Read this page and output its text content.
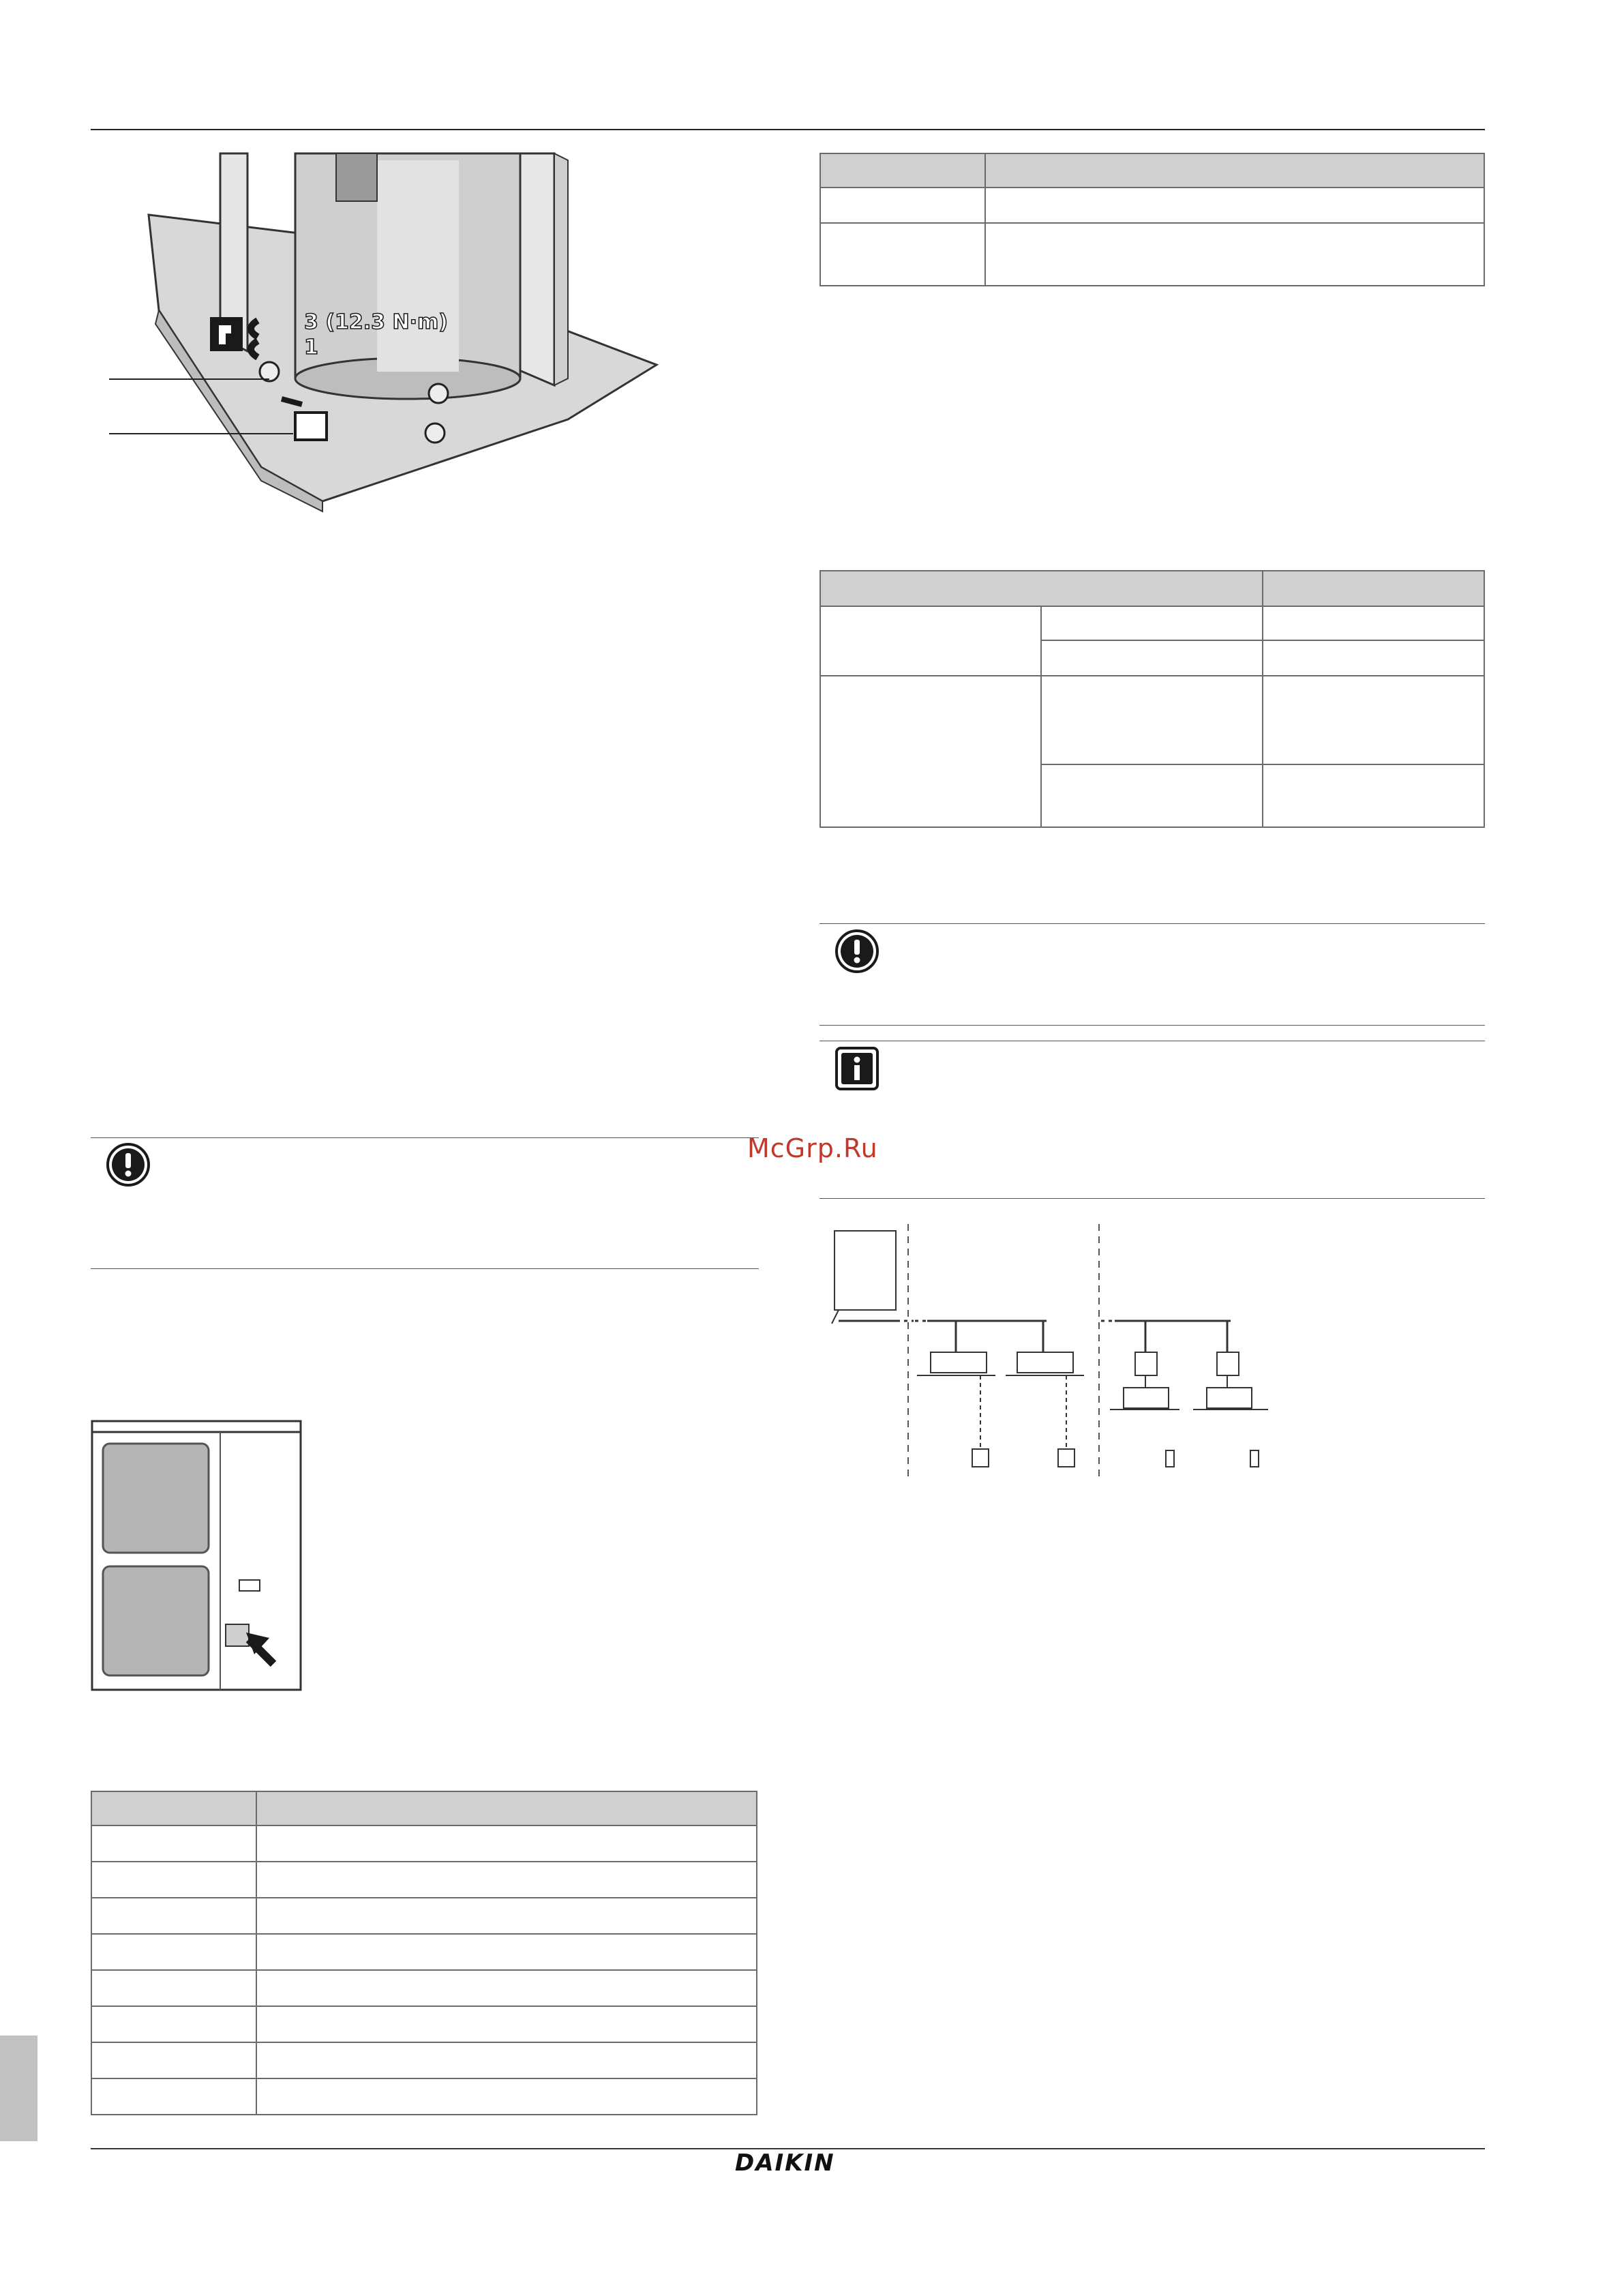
3 (12.3 N·m)
1

McGrp.Ru
DAIKIN
